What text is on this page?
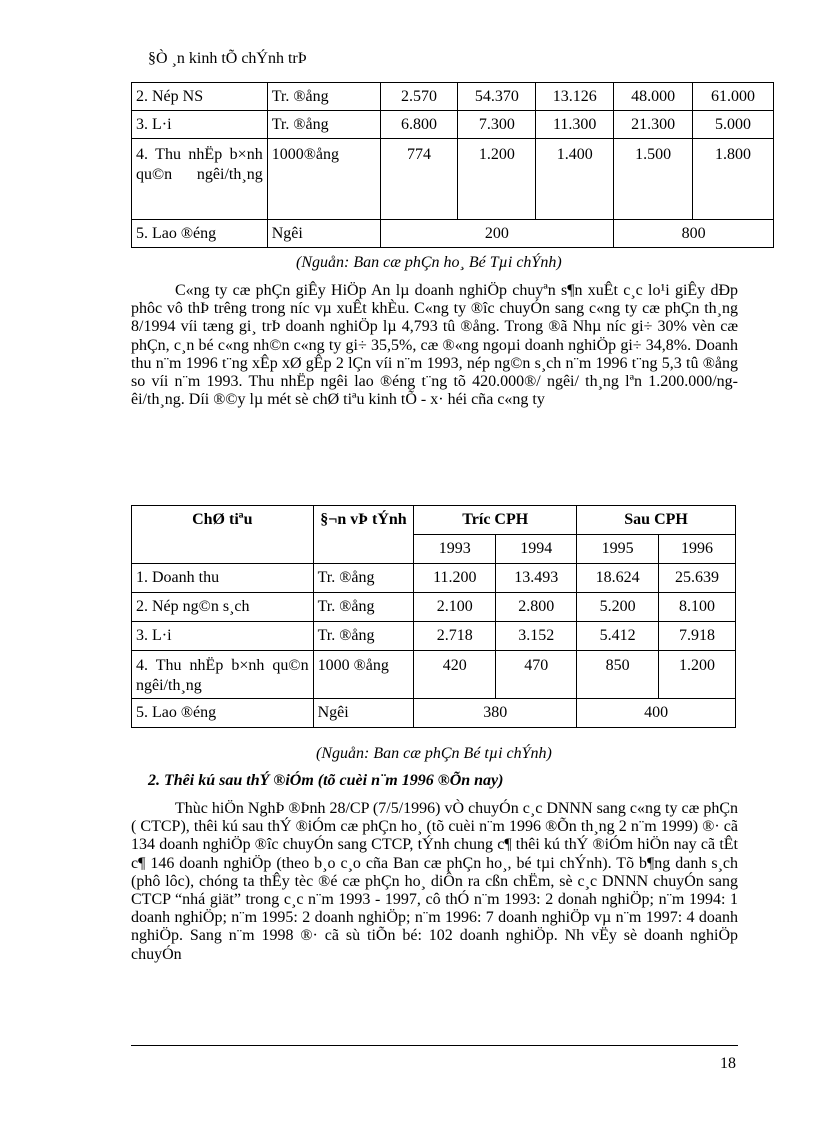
§Ò ¸n kinh tÕ chÝnh trÞ
2. Nép NS	Tr. ®ång	2.570	54.370	13.126	48.000	61.000
3. L·i	Tr. ®ång	6.800	7.300	11.300	21.300	5.000
4. Thu nhËp b×nh qu©n ngêi/th¸ng	1000®ång	774	1.200	1.400	1.500	1.800
5. Lao ®éng	Ngêi	200			800	
(Nguån: Ban cæ phÇn ho¸ Bé Tµi chÝnh)

C«ng ty cæ phÇn giÊy HiÖp An lµ doanh nghiÖp chuyªn s¶n xuÊt c¸c lo¹i giÊy dÐp phôc vô thÞ trêng trong níc vµ xuÊt khÈu. C«ng ty ®îc chuyÓn sang c«ng ty cæ phÇn th¸ng 8/1994 víi tæng gi¸ trÞ doanh nghiÖp lµ 4,793 tû ®ång. Trong ®ã Nhµ níc gi÷ 30% vèn cæ phÇn, c¸n bé c«ng nh©n c«ng ty gi÷ 35,5%, cæ ®«ng ngoµi doanh nghiÖp gi÷ 34,8%. Doanh thu n¨m 1996 t¨ng xÊp xØ gÊp 2 lÇn víi n¨m 1993, nép ng©n s¸ch n¨m 1996 t¨ng 5,3 tû ®ång so víi n¨m 1993. Thu nhËp ngêi lao ®éng t¨ng tõ 420.000®/ ngêi/ th¸ng lªn 1.200.000/ngêi/th¸ng. Díi ®©y lµ mét sè chØ tiªu kinh tÕ - x· héi cña c«ng ty

ChØ tiªu	§¬n vÞ tÝnh	Tríc CPH		Sau CPH	
		1993	1994	1995	1996
1. Doanh thu	Tr. ®ång	11.200	13.493	18.624	25.639
2. Nép ng©n s¸ch	Tr. ®ång	2.100	2.800	5.200	8.100
3. L·i	Tr. ®ång	2.718	3.152	5.412	7.918
4. Thu nhËp b×nh qu©n ngêi/th¸ng	1000 ®ång	420	470	850	1.200
5. Lao ®éng	Ngêi	380		400	
(Nguån: Ban cæ phÇn Bé tµi chÝnh)
2. Thêi kú sau thÝ ®iÓm (tõ cuèi n¨m 1996 ®Õn nay)

Thùc hiÖn NghÞ ®Þnh 28/CP (7/5/1996) vÒ chuyÓn c¸c DNNN sang c«ng ty cæ phÇn ( CTCP), thêi kú sau thÝ ®iÓm cæ phÇn ho¸ (tõ cuèi n¨m 1996 ®Õn th¸ng 2 n¨m 1999) ®· cã 134 doanh nghiÖp ®îc chuyÓn sang CTCP, tÝnh chung c¶ thêi kú thÝ ®iÓm hiÖn nay cã tÊt c¶ 146 doanh nghiÖp (theo b¸o c¸o cña Ban cæ phÇn ho¸, bé tµi chÝnh). Tõ b¶ng danh s¸ch (phô lôc), chóng ta thÊy tèc ®é cæ phÇn ho¸ diÔn ra cßn chËm, sè c¸c DNNN chuyÓn sang CTCP “nhá giät” trong c¸c n¨m 1993 - 1997, cô thÓ n¨m 1993: 2 donah nghiÖp; n¨m 1994: 1 doanh nghiÖp; n¨m 1995: 2 doanh nghiÖp; n¨m 1996: 7 doanh nghiÖp vµ n¨m 1997: 4 doanh nghiÖp. Sang n¨m 1998 ®· cã sù tiÕn bé: 102 doanh nghiÖp. Nh vËy sè doanh nghiÖp chuyÓn

18
